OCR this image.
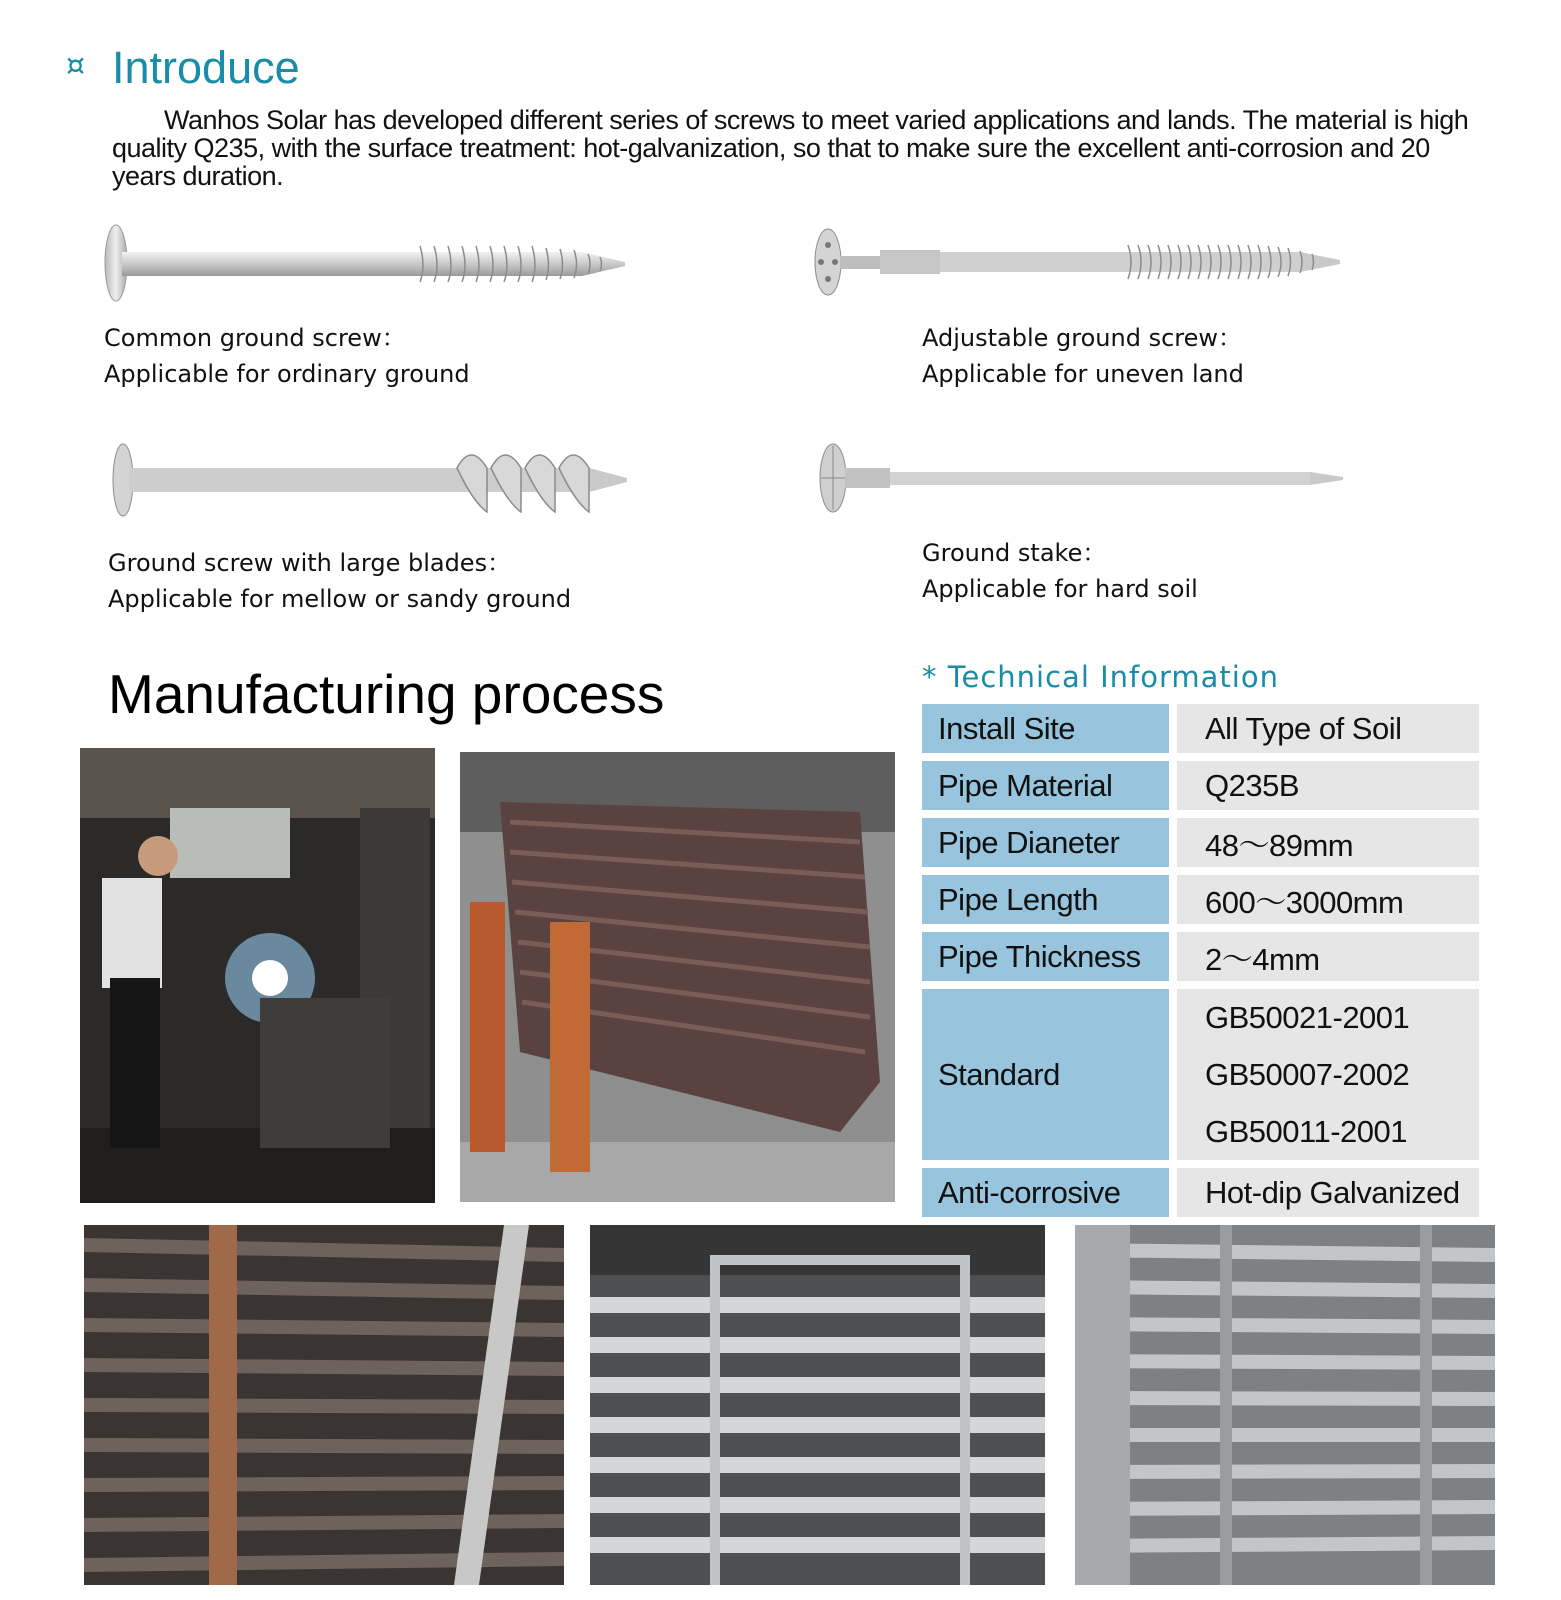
¤ Introduce
Wanhos Solar has developed different series of screws to meet varied applications and lands. The material is high quality Q235, with the surface treatment: hot-galvanization, so that to make sure the excellent anti-corrosion and 20 years duration.
Common ground screw：
Applicable for ordinary ground
Adjustable ground screw：
Applicable for uneven land
Ground screw with large blades：
Applicable for mellow or sandy ground
Ground stake：
Applicable for hard soil
Manufacturing process	* Technical Information
Install Site	All Type of Soil
Pipe Material	Q235B
Pipe Dianeter	48～89mm
Pipe Length	600～3000mm
Pipe Thickness	2～4mm
Standard	GB50021-2001
GB50007-2002
GB50011-2001

Anti-corrosive	Hot-dip Galvanized
